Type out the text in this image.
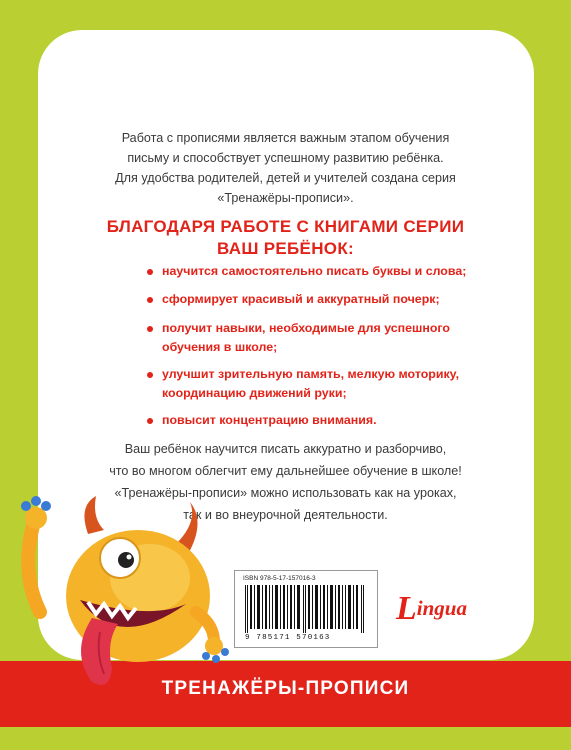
Работа с прописями является важным этапом обучения
письму и способствует успешному развитию ребёнка.
Для удобства родителей, детей и учителей создана серия
«Тренажёры-прописи».
БЛАГОДАРЯ РАБОТЕ С КНИГАМИ СЕРИИ
ВАШ РЕБЁНОК:
научится самостоятельно писать буквы и слова;
сформирует красивый и аккуратный почерк;
получит навыки, необходимые для успешного обучения в школе;
улучшит зрительную память, мелкую моторику, координацию движений руки;
повысит концентрацию внимания.
Ваш ребёнок научится писать аккуратно и разборчиво,
что во многом облегчит ему дальнейшее обучение в школе!
«Тренажёры-прописи» можно использовать как на уроках,
так и во внеурочной деятельности.
ISBN 978-5-17-157016-3
9 785171 570163
Lingua
ТРЕНАЖЁРЫ-ПРОПИСИ
